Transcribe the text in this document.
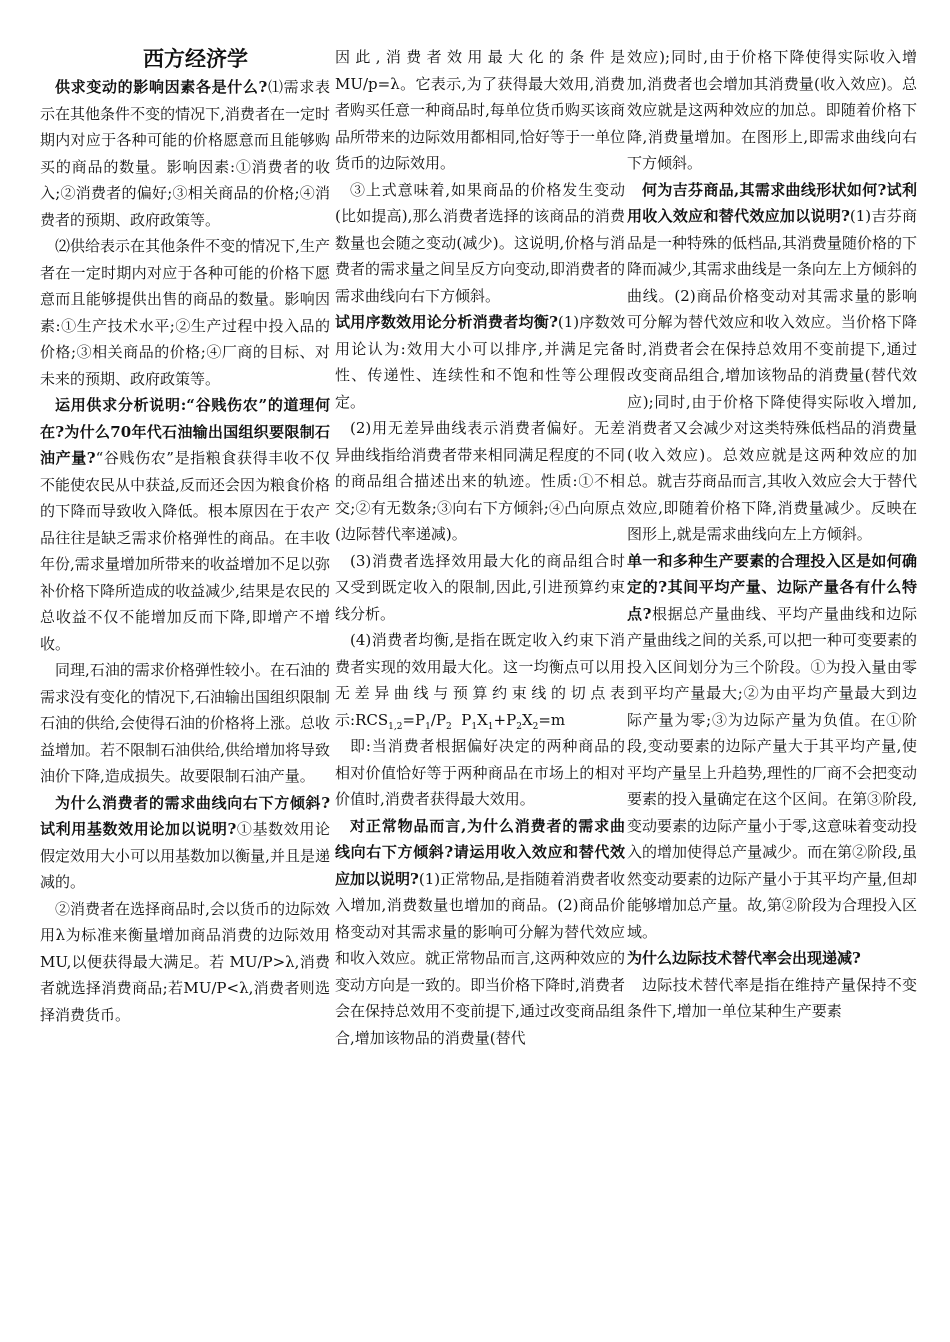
西方经济学

供求变动的影响因素各是什么?⑴需求表示在其他条件不变的情况下,消费者在一定时期内对应于各种可能的价格愿意而且能够购买的商品的数量。影响因素:①消费者的收入;②消费者的偏好;③相关商品的价格;④消费者的预期、政府政策等。

⑵供给表示在其他条件不变的情况下,生产者在一定时期内对应于各种可能的价格下愿意而且能够提供出售的商品的数量。影响因素:①生产技术水平;②生产过程中投入品的价格;③相关商品的价格;④厂商的目标、对未来的预期、政府政策等。

运用供求分析说明:“谷贱伤农”的道理何在?为什么70年代石油输出国组织要限制石油产量?“谷贱伤农”是指粮食获得丰收不仅不能使农民从中获益,反而还会因为粮食价格的下降而导致收入降低。根本原因在于农产品往往是缺乏需求价格弹性的商品。在丰收年份,需求量增加所带来的收益增加不足以弥补价格下降所造成的收益减少,结果是农民的总收益不仅不能增加反而下降,即增产不增收。

同理,石油的需求价格弹性较小。在石油的需求没有变化的情况下,石油输出国组织限制石油的供给,会使得石油的价格将上涨。总收益增加。若不限制石油供给,供给增加将导致油价下降,造成损失。故要限制石油产量。

为什么消费者的需求曲线向右下方倾斜?试利用基数效用论加以说明?①基数效用论假定效用大小可以用基数加以衡量,并且是递减的。

②消费者在选择商品时,会以货币的边际效用λ为标准来衡量增加商品消费的边际效用MU,以便获得最大满足。若 MU/P>λ,消费者就选择消费商品;若MU/P<λ,消费者则选择消费货币。

因此,消费者效用最大化的条件是MU/p=λ。它表示,为了获得最大效用,消费者购买任意一种商品时,每单位货币购买该商品所带来的边际效用都相同,恰好等于一单位货币的边际效用。

③上式意味着,如果商品的价格发生变动(比如提高),那么消费者选择的该商品的消费数量也会随之变动(减少)。这说明,价格与消费者的需求量之间呈反方向变动,即消费者的需求曲线向右下方倾斜。

试用序数效用论分析消费者均衡?(1)序数效用论认为:效用大小可以排序,并满足完备性、传递性、连续性和不饱和性等公理假定。

(2)用无差异曲线表示消费者偏好。无差异曲线指给消费者带来相同满足程度的不同的商品组合描述出来的轨迹。性质:①不相交;②有无数条;③向右下方倾斜;④凸向原点(边际替代率递减)。

(3)消费者选择效用最大化的商品组合时又受到既定收入的限制,因此,引进预算约束线分析。

(4)消费者均衡,是指在既定收入约束下消费者实现的效用最大化。这一均衡点可以用无差异曲线与预算约束线的切点表示$:RCS_{1,2}=P_1/P_2$  $P_1X_1+P_2X_2=m$

即:当消费者根据偏好决定的两种商品的相对价值恰好等于两种商品在市场上的相对价值时,消费者获得最大效用。

对正常物品而言,为什么消费者的需求曲线向右下方倾斜?请运用收入效应和替代效应加以说明?(1)正常物品,是指随着消费者收入增加,消费数量也增加的商品。(2)商品价格变动对其需求量的影响可分解为替代效应和收入效应。就正常物品而言,这两种效应的变动方向是一致的。即当价格下降时,消费者会在保持总效用不变前提下,通过改变商品组合,增加该物品的消费量(替代

效应);同时,由于价格下降使得实际收入增加,消费者也会增加其消费量(收入效应)。总效应就是这两种效应的加总。即随着价格下降,消费量增加。在图形上,即需求曲线向右下方倾斜。

何为吉芬商品,其需求曲线形状如何?试利用收入效应和替代效应加以说明?(1)吉芬商品是一种特殊的低档品,其消费量随价格的下降而减少,其需求曲线是一条向左上方倾斜的曲线。(2)商品价格变动对其需求量的影响可分解为替代效应和收入效应。当价格下降时,消费者会在保持总效用不变前提下,通过改变商品组合,增加该物品的消费量(替代效应);同时,由于价格下降使得实际收入增加,消费者又会减少对这类特殊低档品的消费量(收入效应)。总效应就是这两种效应的加总。就吉芬商品而言,其收入效应会大于替代效应,即随着价格下降,消费量减少。反映在图形上,就是需求曲线向左上方倾斜。

单一和多种生产要素的合理投入区是如何确定的?其间平均产量、边际产量各有什么特点?根据总产量曲线、平均产量曲线和边际产量曲线之间的关系,可以把一种可变要素的投入区间划分为三个阶段。①为投入量由零到平均产量最大;②为由平均产量最大到边际产量为零;③为边际产量为负值。在①阶段,变动要素的边际产量大于其平均产量,使平均产量呈上升趋势,理性的厂商不会把变动要素的投入量确定在这个区间。在第③阶段,变动要素的边际产量小于零,这意味着变动投入的增加使得总产量减少。而在第②阶段,虽然变动要素的边际产量小于其平均产量,但却能够增加总产量。故,第②阶段为合理投入区域。

为什么边际技术替代率会出现递减?

边际技术替代率是指在维持产量保持不变条件下,增加一单位某种生产要素
